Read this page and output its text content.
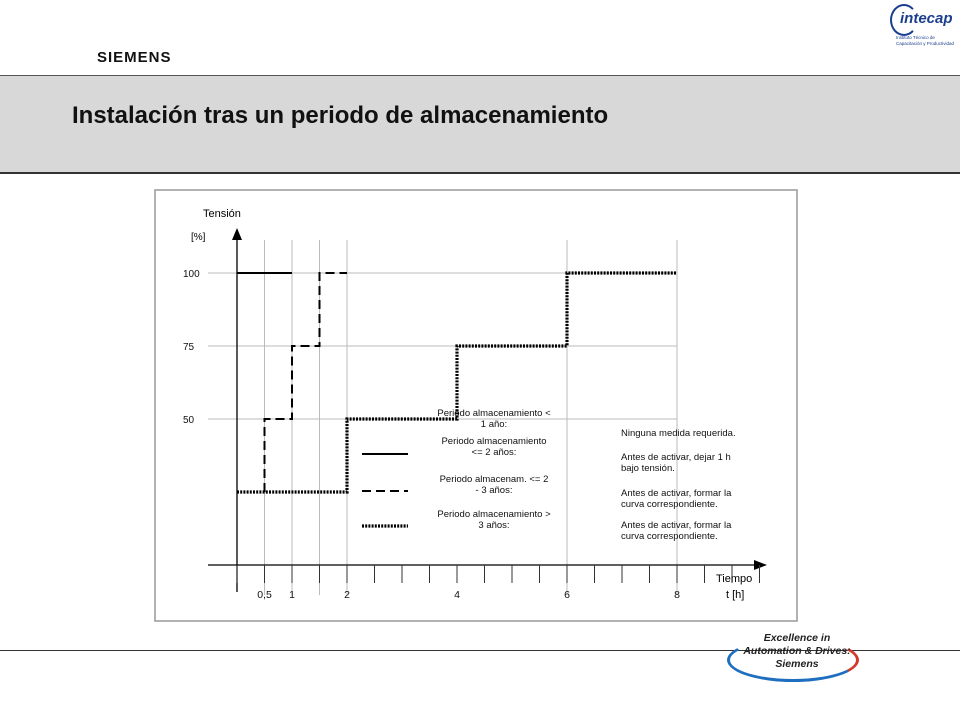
SIEMENS
intecap
Instituto Técnico de Capacitación y Productividad
Instalación tras un periodo de almacenamiento
50
75
100
0,5 1	2	4	6	8
Tensión
[%]
Tiempo
t [h]
Periodo almacenamiento <
1 año:
Periodo almacenamiento
<= 2 años:
Periodo almacenam. <= 2
- 3 años:
Periodo almacenamiento >
3 años:
Ninguna medida requerida.
Antes de activar, dejar 1 h
bajo tensión.
Antes de activar, formar la
curva correspondiente.
Antes de activar, formar la
curva correspondiente.
Excellence in
Automation & Drives:
Siemens
